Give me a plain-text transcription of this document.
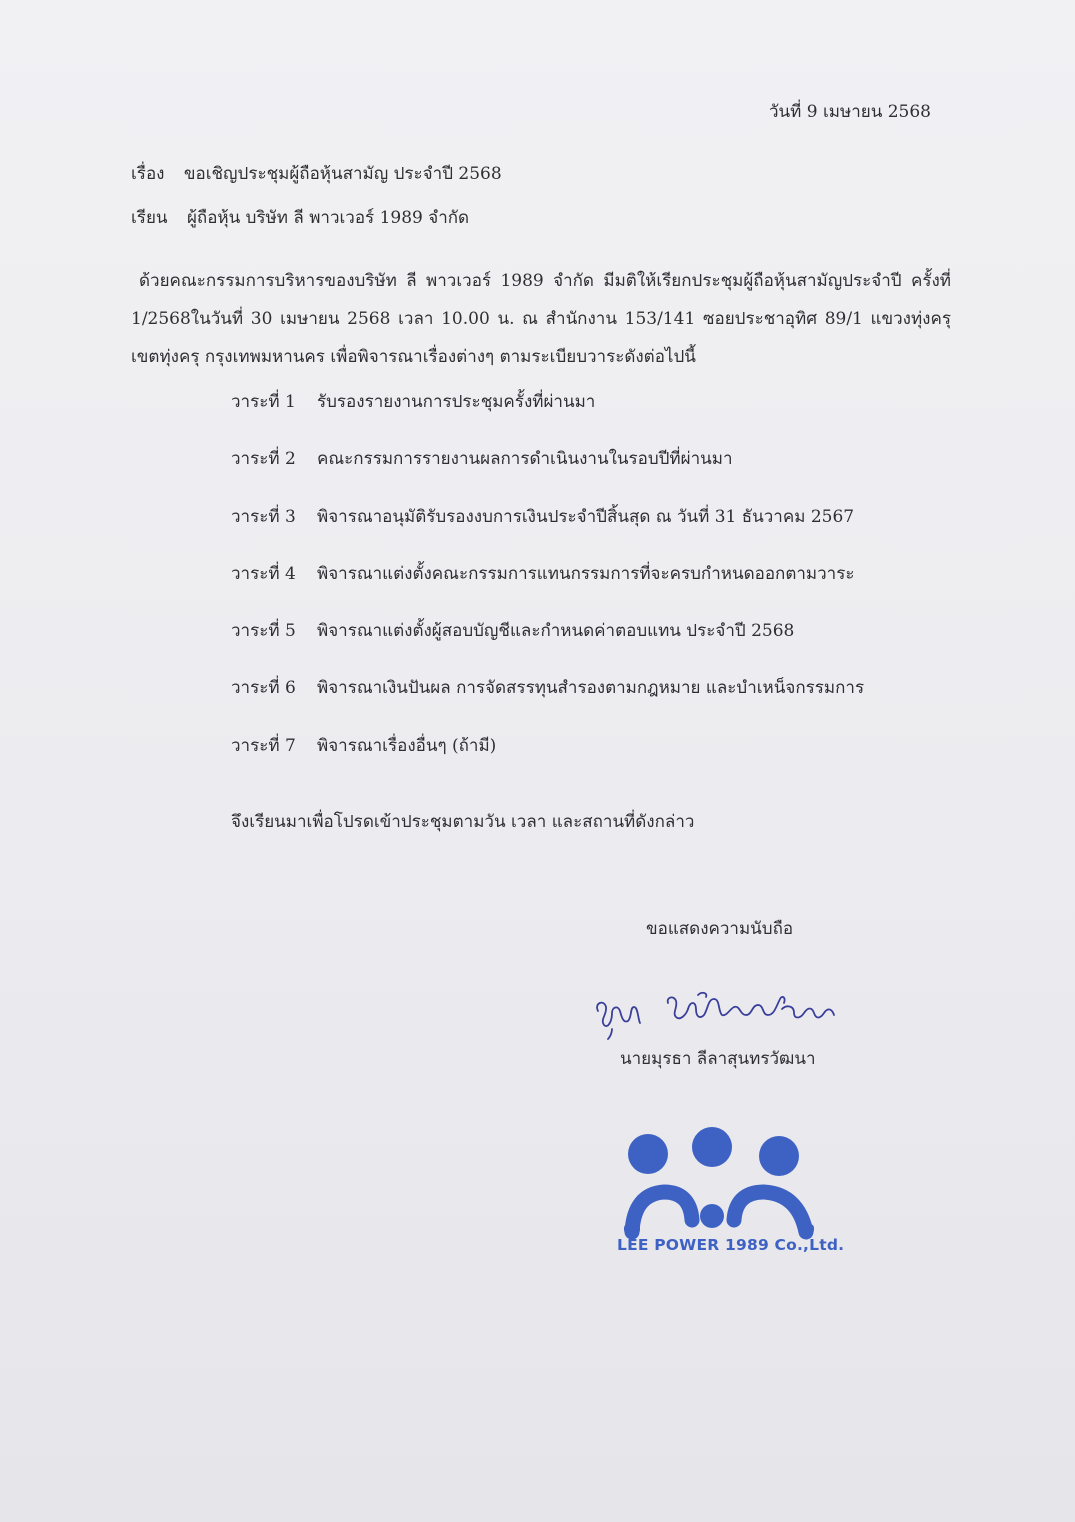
วันที่ 9 เมษายน 2568
เรื่อง ขอเชิญประชุมผู้ถือหุ้นสามัญ ประจำปี 2568
เรียน ผู้ถือหุ้น บริษัท ลี พาวเวอร์ 1989 จำกัด
ด้วยคณะกรรมการบริหารของบริษัท ลี พาวเวอร์ 1989 จำกัด มีมติให้เรียกประชุมผู้ถือหุ้นสามัญประจำปี ครั้งที่ 1/2568ในวันที่ 30 เมษายน 2568 เวลา 10.00 น. ณ สำนักงาน 153/141 ซอยประชาอุทิศ 89/1 แขวงทุ่งครุ เขตทุ่งครุ กรุงเทพมหานคร เพื่อพิจารณาเรื่องต่างๆ ตามระเบียบวาระดังต่อไปนี้
วาระที่ 1	รับรองรายงานการประชุมครั้งที่ผ่านมา
วาระที่ 2	คณะกรรมการรายงานผลการดำเนินงานในรอบปีที่ผ่านมา
วาระที่ 3	พิจารณาอนุมัติรับรองงบการเงินประจำปีสิ้นสุด ณ วันที่ 31 ธันวาคม 2567
วาระที่ 4	พิจารณาแต่งตั้งคณะกรรมการแทนกรรมการที่จะครบกำหนดออกตามวาระ
วาระที่ 5	พิจารณาแต่งตั้งผู้สอบบัญชีและกำหนดค่าตอบแทน ประจำปี 2568
วาระที่ 6	พิจารณาเงินปันผล การจัดสรรทุนสำรองตามกฎหมาย และบำเหน็จกรรมการ
วาระที่ 7	พิจารณาเรื่องอื่นๆ (ถ้ามี)
จึงเรียนมาเพื่อโปรดเข้าประชุมตามวัน เวลา และสถานที่ดังกล่าว
ขอแสดงความนับถือ
นายมุรธา ลีลาสุนทรวัฒนา
LEE POWER 1989 Co.,Ltd.
